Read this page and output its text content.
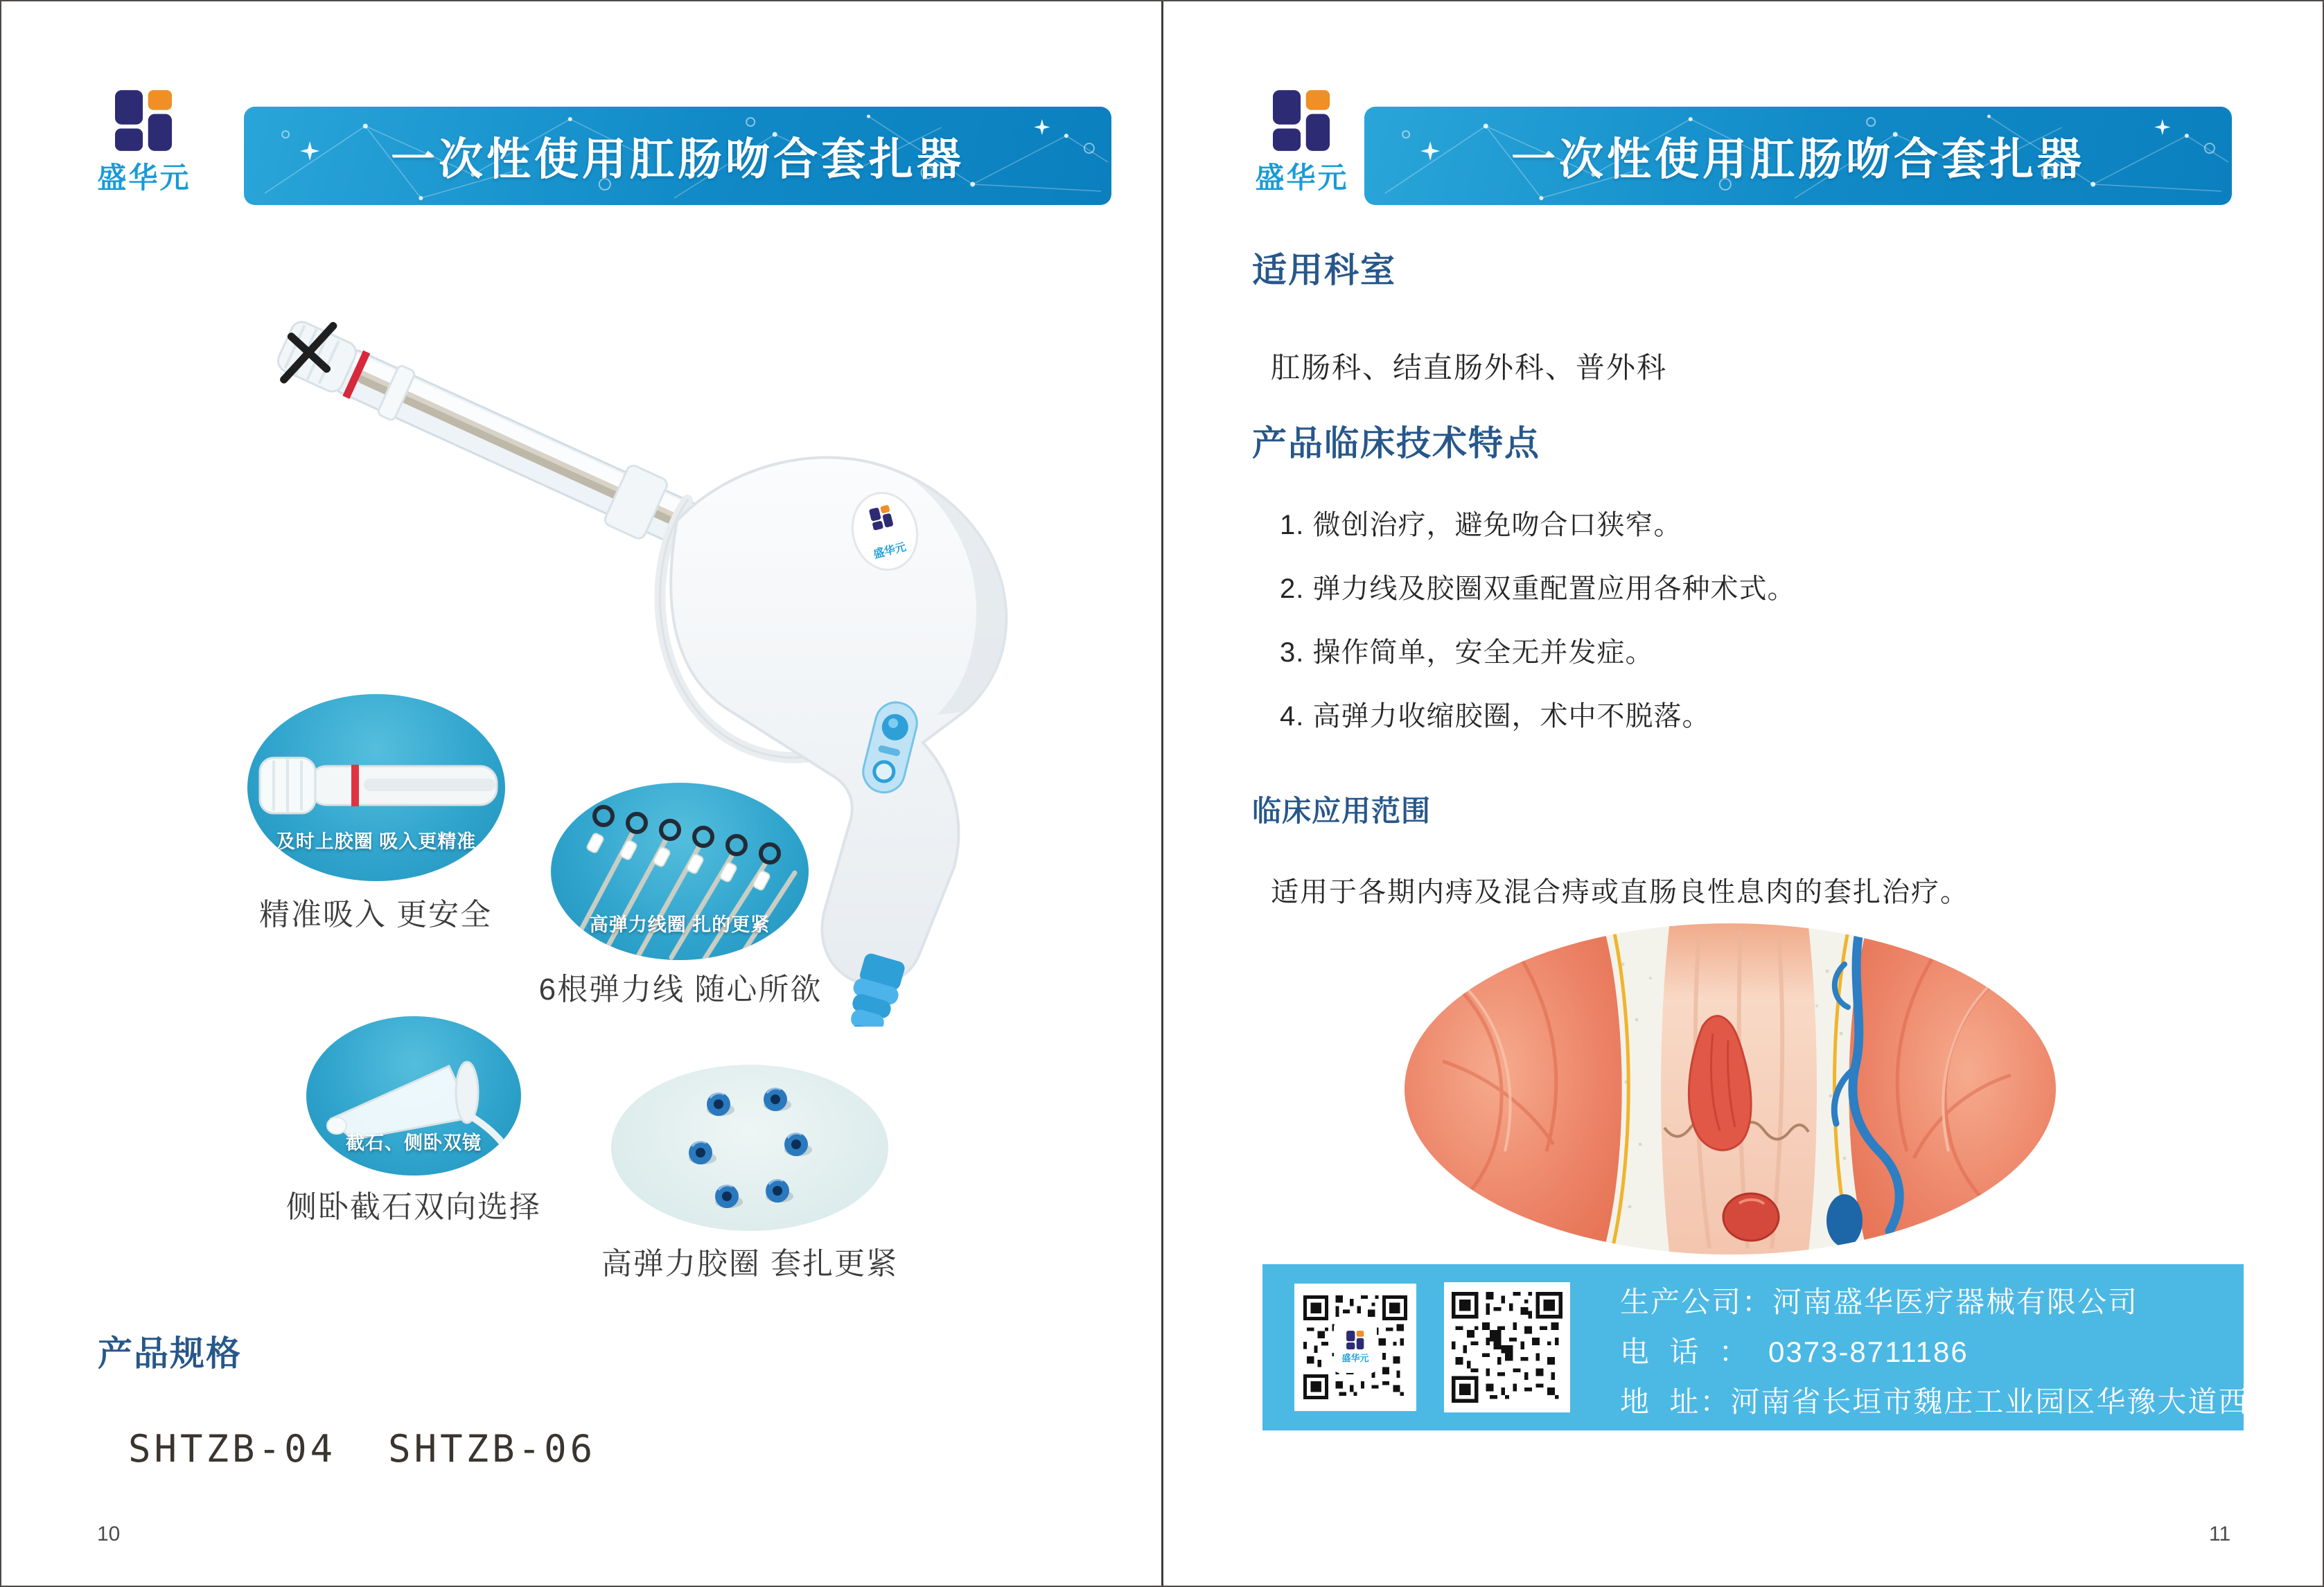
盛华元	一次性使用肛肠吻合套扎器
盛华元
及时上胶圈 吸入更精准
精准吸入 更安全	高弹力线圈 扎的更紧
6根弹力线 随心所欲
截石、侧卧双镜
侧卧截石双向选择
高弹力胶圈 套扎更紧
产品规格
SHTZB-04  SHTZB-06
10
盛华元	一次性使用肛肠吻合套扎器
适用科室
肛肠科、结直肠外科、普外科
产品临床技术特点
1. 微创治疗，避免吻合口狭窄。
2. 弹力线及胶圈双重配置应用各种术式。
3. 操作简单，安全无并发症。
4. 高弹力收缩胶圈，术中不脱落。
临床应用范围
适用于各期内痔及混合痔或直肠良性息肉的套扎治疗。
盛华元
生产公司：河南盛华医疗器械有限公司
电  话  ：  0373-8711186
地  址：河南省长垣市魏庄工业园区华豫大道西侧
11
